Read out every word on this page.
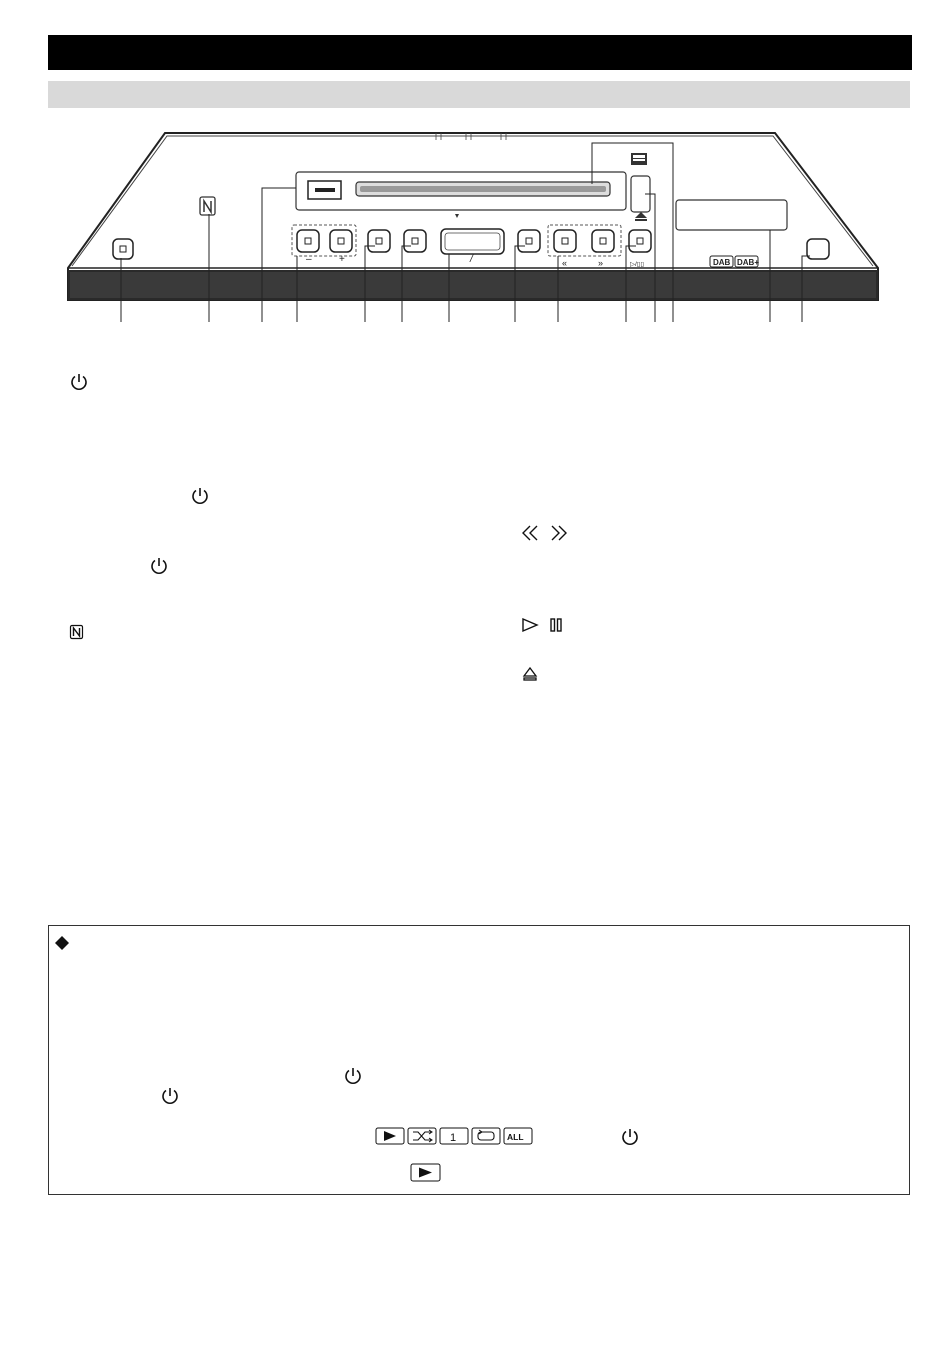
–	+	/	«	»	▷/▯▯	DAB DAB+
1	ALL
